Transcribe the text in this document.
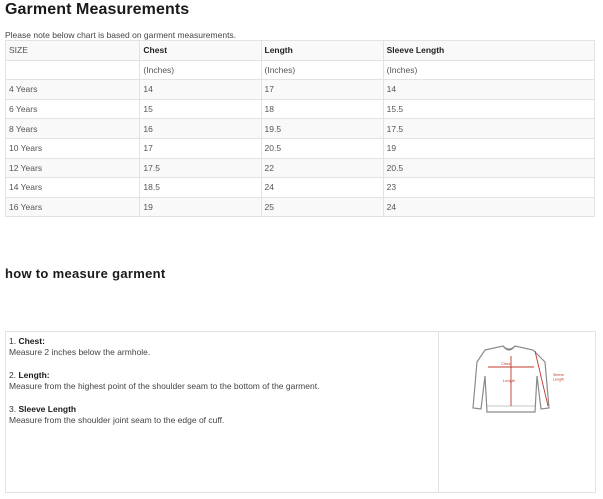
Garment Measurements
Please note below chart is based on garment measurements.
SIZE	Chest	Length	Sleeve Length
	(Inches)	(Inches)	(Inches)
4 Years	14	17	14
6 Years	15	18	15.5
8 Years	16	19.5	17.5
10 Years	17	20.5	19
12 Years	17.5	22	20.5
14 Years	18.5	24	23
16 Years	19	25	24
how to measure garment
1. Chest:
Measure 2 inches below the armhole.
2. Length:
Measure from the highest point of the shoulder seam to the bottom of the garment.
3. Sleeve Length
Measure from the shoulder joint seam to the edge of cuff.
Chest
Length
Sleeve
Length
